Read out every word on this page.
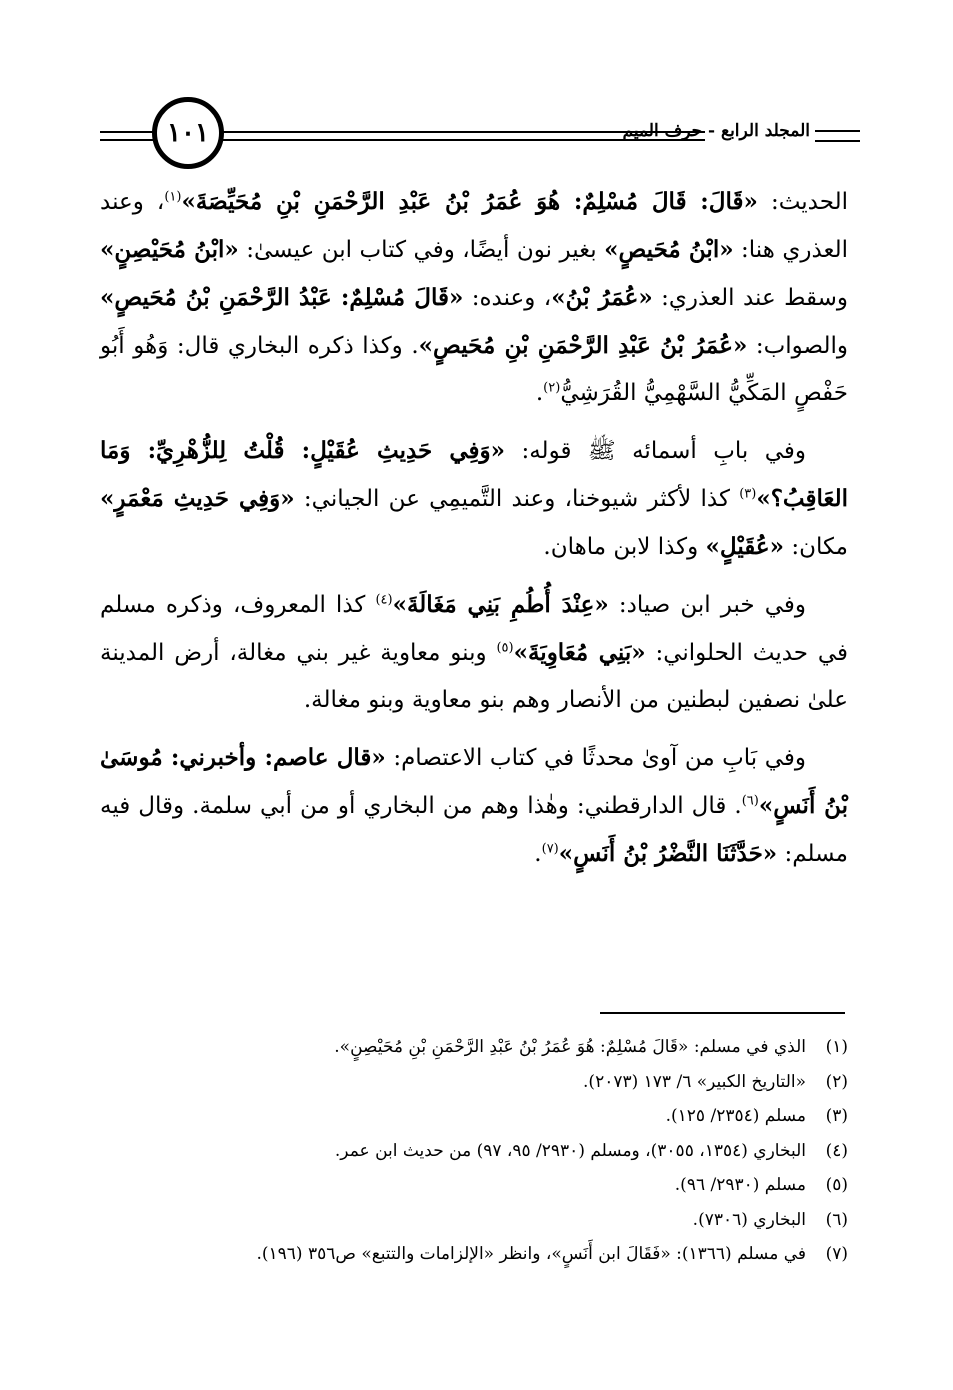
١٠١	المجلد الرابع - حرف الميم

الحديث: «قَالَ: قَالَ مُسْلِمٌ: هُوَ عُمَرُ بْنُ عَبْدِ الرَّحْمَنِ بْنِ مُحَيِّصَةَ»$^{(١)}$، وعند العذري هنا: «ابْنُ مُحَيصٍ» بغير نون أيضًا، وفي كتاب ابن عيسىٰ: «ابْنُ مُحَيْصِنٍ» وسقط عند العذري: «عُمَرُ بْنُ»، وعنده: «قَالَ مُسْلِمٌ: عَبْدُ الرَّحْمَنِ بْنُ مُحَيصٍ» والصواب: «عُمَرُ بْنُ عَبْدِ الرَّحْمَنِ بْنِ مُحَيصٍ». وكذا ذكره البخاري قال: وَهُو أَبُو حَفْصٍ المَكِّيُّ السَّهْمِيُّ القُرَشِيُّ$^{(٢)}$.

وفي بابِ أسمائه ﷺ قوله: «وَفِي حَدِيثِ عُقَيْلٍ: قُلْتُ لِلزُّهْرِيِّ: وَمَا العَاقِبُ؟»$^{(٣)}$ كذا لأكثر شيوخنا، وعند التَّميمِي عن الجياني: «وَفِي حَدِيثِ مَعْمَرٍ» مكان: «عُقَيْلٍ» وكذا لابن ماهان.

وفي خبر ابن صياد: «عِنْدَ أُطُمِ بَنِي مَغَالَةَ»$^{(٤)}$ كذا المعروف، وذكره مسلم في حديث الحلواني: «بَنِي مُعَاوِيَةَ»$^{(٥)}$ وبنو معاوية غير بني مغالة، أرض المدينة علىٰ نصفين لبطنين من الأنصار وهم بنو معاوية وبنو مغالة.

وفي بَابِ من آوىٰ محدثًا في كتاب الاعتصام: «قال عاصم: وأخبرني: مُوسَىٰ بْنُ أَنَسٍ»$^{(٦)}$. قال الدارقطني: وهٰذا وهم من البخاري أو من أبي سلمة. وقال فيه مسلم: «حَدَّثَنَا النَّضْرُ بْنُ أَنَسٍ»$^{(٧)}$.

(١)
الذي في مسلم: «قَالَ مُسْلِمٌ: هُوَ عُمَرُ بْنُ عَبْدِ الرَّحْمَنِ بْنِ مُحَيْصِنٍ».
(٢)
«التاريخ الكبير» ٦/ ١٧٣ (٢٠٧٣).
(٣)
مسلم (٢٣٥٤/ ١٢٥).
(٤)
البخاري (١٣٥٤، ٣٠٥٥)، ومسلم (٢٩٣٠/ ٩٥، ٩٧) من حديث ابن عمر.
(٥)
مسلم (٢٩٣٠/ ٩٦).
(٦)
البخاري (٧٣٠٦).
(٧)
في مسلم (١٣٦٦): «فَقَالَ ابن أَنَسٍ»، وانظر «الإلزامات والتتبع» ص٣٥٦ (١٩٦).
